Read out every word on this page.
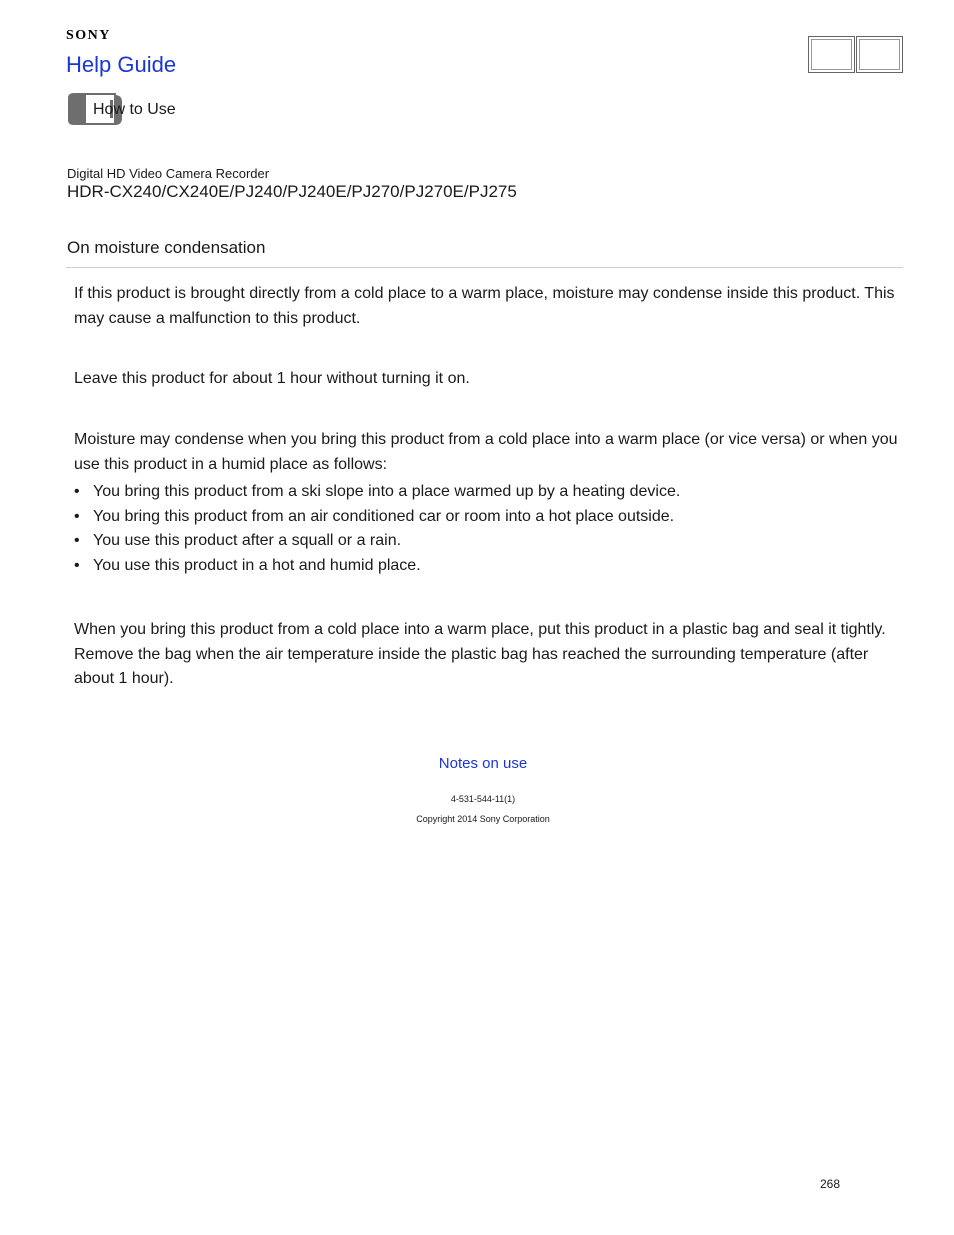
SONY
Help Guide
How to Use
Digital HD Video Camera Recorder
HDR-CX240/CX240E/PJ240/PJ240E/PJ270/PJ270E/PJ275
On moisture condensation

If this product is brought directly from a cold place to a warm place, moisture may condense inside this product. This may cause a malfunction to this product.

Leave this product for about 1 hour without turning it on.

Moisture may condense when you bring this product from a cold place into a warm place (or vice versa) or when you use this product in a humid place as follows:

• You bring this product from a ski slope into a place warmed up by a heating device.
• You bring this product from an air conditioned car or room into a hot place outside.
• You use this product after a squall or a rain.
• You use this product in a hot and humid place.

When you bring this product from a cold place into a warm place, put this product in a plastic bag and seal it tightly. Remove the bag when the air temperature inside the plastic bag has reached the surrounding temperature (after about 1 hour).

Notes on use
4-531-544-11(1)
Copyright 2014 Sony Corporation
268
